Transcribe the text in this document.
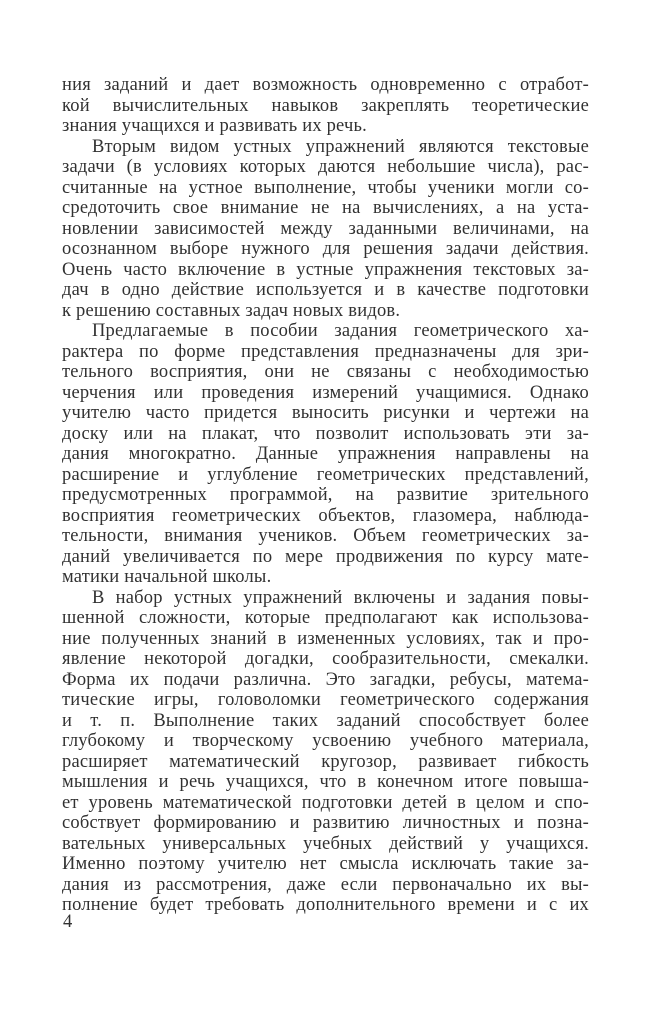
ния заданий и дает возможность одновременно с отработ-
кой вычислительных навыков закреплять теоретические
знания учащихся и развивать их речь.
Вторым видом устных упражнений являются текстовые
задачи (в условиях которых даются небольшие числа), рас-
считанные на устное выполнение, чтобы ученики могли со-
средоточить свое внимание не на вычислениях, а на уста-
новлении зависимостей между заданными величинами, на
осознанном выборе нужного для решения задачи действия.
Очень часто включение в устные упражнения текстовых за-
дач в одно действие используется и в качестве подготовки
к решению составных задач новых видов.
Предлагаемые в пособии задания геометрического ха-
рактера по форме представления предназначены для зри-
тельного восприятия, они не связаны с необходимостью
черчения или проведения измерений учащимися. Однако
учителю часто придется выносить рисунки и чертежи на
доску или на плакат, что позволит использовать эти за-
дания многократно. Данные упражнения направлены на
расширение и углубление геометрических представлений,
предусмотренных программой, на развитие зрительного
восприятия геометрических объектов, глазомера, наблюда-
тельности, внимания учеников. Объем геометрических за-
даний увеличивается по мере продвижения по курсу мате-
матики начальной школы.
В набор устных упражнений включены и задания повы-
шенной сложности, которые предполагают как использова-
ние полученных знаний в измененных условиях, так и про-
явление некоторой догадки, сообразительности, смекалки.
Форма их подачи различна. Это загадки, ребусы, матема-
тические игры, головоломки геометрического содержания
и т. п. Выполнение таких заданий способствует более
глубокому и творческому усвоению учебного материала,
расширяет математический кругозор, развивает гибкость
мышления и речь учащихся, что в конечном итоге повыша-
ет уровень математической подготовки детей в целом и спо-
собствует формированию и развитию личностных и позна-
вательных универсальных учебных действий у учащихся.
Именно поэтому учителю нет смысла исключать такие за-
дания из рассмотрения, даже если первоначально их вы-
полнение будет требовать дополнительного времени и с их
4
